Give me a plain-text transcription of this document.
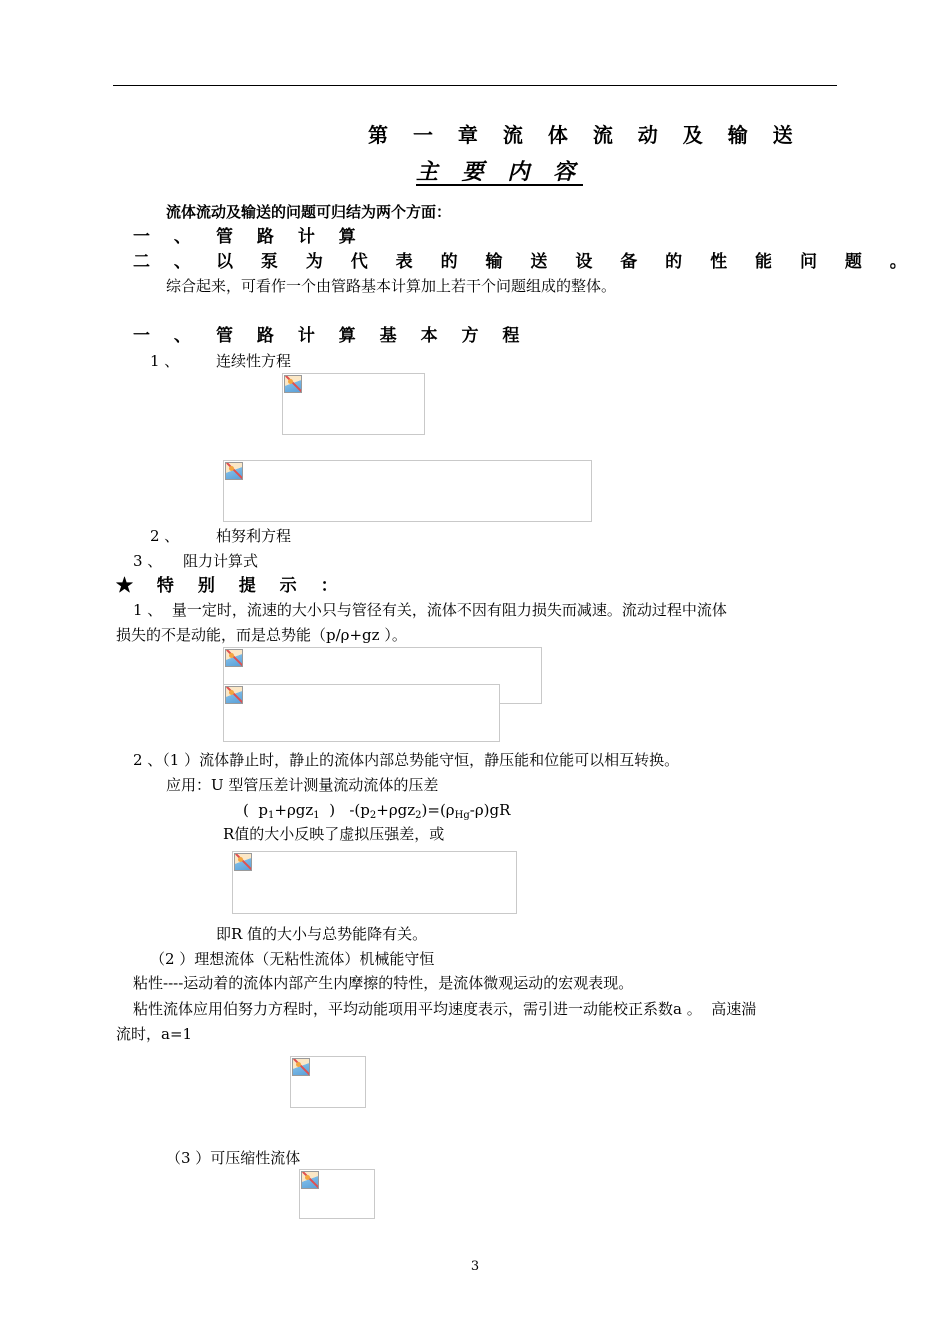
第 一 章 流 体 流 动 及 输 送
主 要 内 容
流体流动及输送的问题可归结为两个方面：
一 、 管 路 计 算
二 、 以 泵 为 代 表 的 输 送 设 备 的 性 能 问 题 。
综合起来，可看作一个由管路基本计算加上若干个问题组成的整体。
一 、 管 路 计 算 基 本 方 程
1 、 连续性方程
2 、 柏努利方程
3 、 阻力计算式
★ 特 别 提 示 ：
1 、  量一定时，流速的大小只与管径有关，流体不因有阻力损失而减速。流动过程中流体
损失的不是动能，而是总势能（p/ρ+gz ）。
2 、（1 ）流体静止时，静止的流体内部总势能守恒，静压能和位能可以相互转换。
应用：U 型管压差计测量流动流体的压差
(  $p_1+\rho gz_1$  )   $-(p_2+\rho gz_2)=(\rho_{Hg}-\rho)gR$
R值的大小反映了虚拟压强差，或
即R 值的大小与总势能降有关。
（2 ）理想流体（无粘性流体）机械能守恒
粘性----运动着的流体内部产生内摩擦的特性，是流体微观运动的宏观表现。
粘性流体应用伯努力方程时，平均动能项用平均速度表示，需引进一动能校正系数a 。  高速湍
流时，a=1
（3 ）可压缩性流体
3
